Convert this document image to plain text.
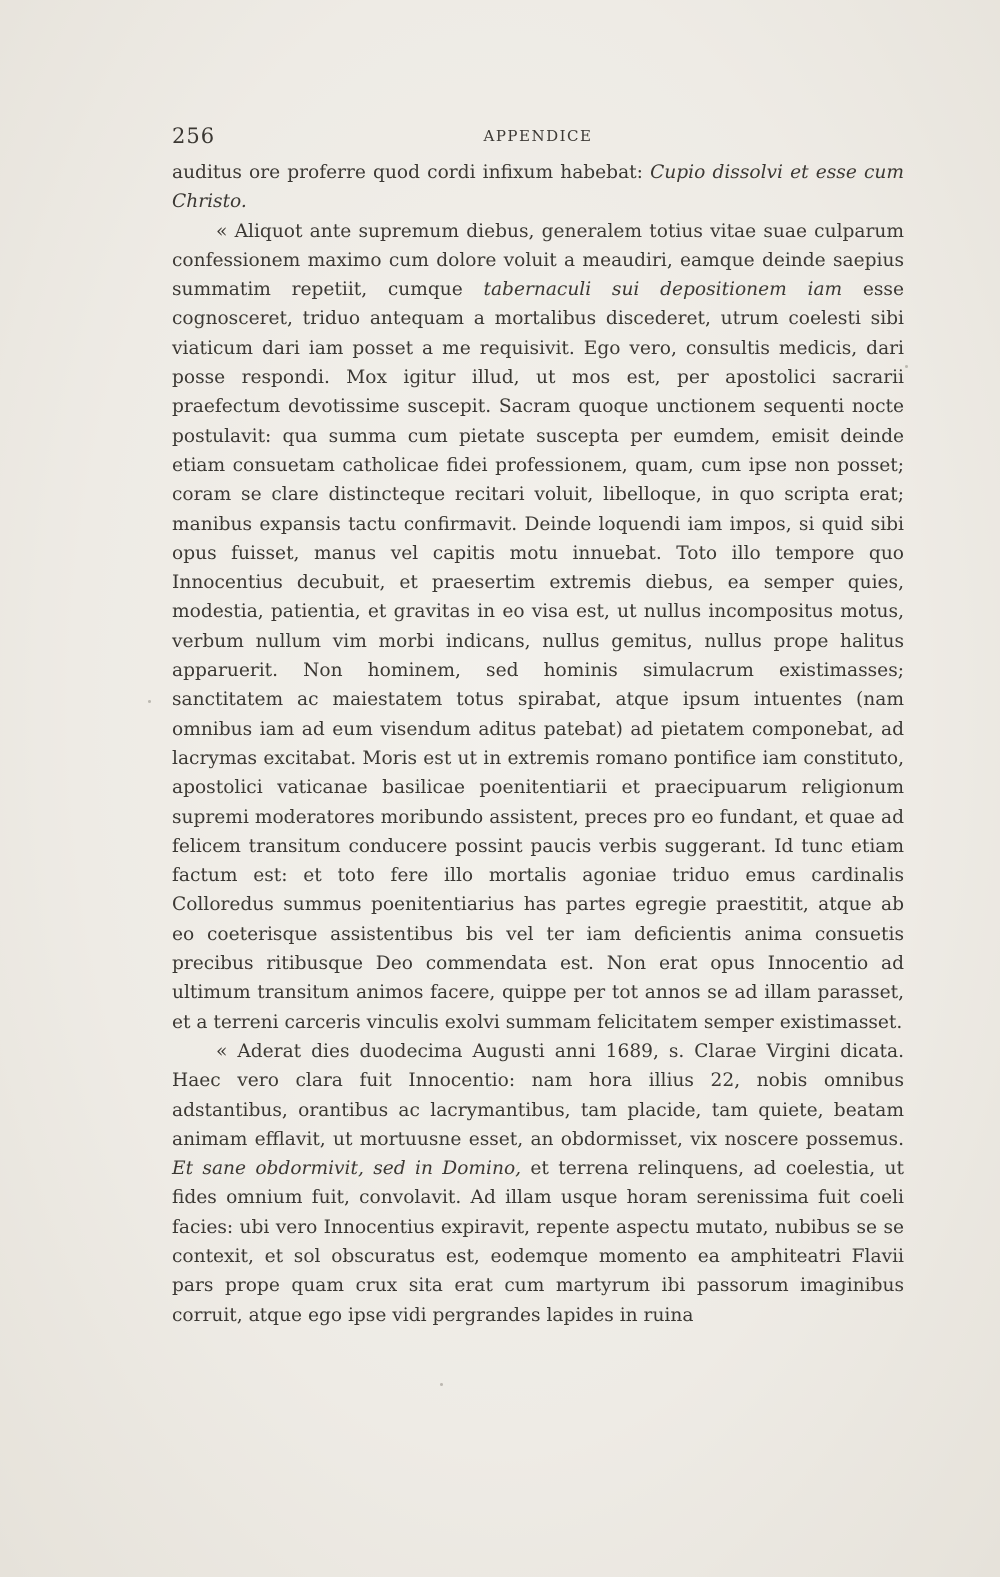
256	APPENDICE

auditus ore proferre quod cordi infixum habebat: Cupio dissolvi et esse cum Christo.

« Aliquot ante supremum diebus, generalem totius vitae suae culparum confessionem maximo cum dolore voluit a meaudiri, eamque deinde saepius summatim repetiit, cumque tabernaculi sui depositionem iam esse cognosceret, triduo antequam a mortalibus discederet, utrum coelesti sibi viaticum dari iam posset a me requisivit. Ego vero, consultis medicis, dari posse respondi. Mox igitur illud, ut mos est, per apostolici sacrarii praefectum devotissime suscepit. Sacram quoque unctionem sequenti nocte postulavit: qua summa cum pietate suscepta per eumdem, emisit deinde etiam consuetam catholicae fidei professionem, quam, cum ipse non posset; coram se clare distincteque recitari voluit, libelloque, in quo scripta erat; manibus expansis tactu confirmavit. Deinde loquendi iam impos, si quid sibi opus fuisset, manus vel capitis motu innuebat. Toto illo tempore quo Innocentius decubuit, et praesertim extremis diebus, ea semper quies, modestia, patientia, et gravitas in eo visa est, ut nullus incompositus motus, verbum nullum vim morbi indicans, nullus gemitus, nullus prope halitus apparuerit. Non hominem, sed hominis simulacrum existimasses; sanctitatem ac maiestatem totus spirabat, atque ipsum intuentes (nam omnibus iam ad eum visendum aditus patebat) ad pietatem componebat, ad lacrymas excitabat. Moris est ut in extremis romano pontifice iam constituto, apostolici vaticanae basilicae poenitentiarii et praecipuarum religionum supremi moderatores moribundo assistent, preces pro eo fundant, et quae ad felicem transitum conducere possint paucis verbis suggerant. Id tunc etiam factum est: et toto fere illo mortalis agoniae triduo emus cardinalis Colloredus summus poenitentiarius has partes egregie praestitit, atque ab eo coeterisque assistentibus bis vel ter iam deficientis anima consuetis precibus ritibusque Deo commendata est. Non erat opus Innocentio ad ultimum transitum animos facere, quippe per tot annos se ad illam parasset, et a terreni carceris vinculis exolvi summam felicitatem semper existimasset.

« Aderat dies duodecima Augusti anni 1689, s. Clarae Virgini dicata. Haec vero clara fuit Innocentio: nam hora illius 22, nobis omnibus adstantibus, orantibus ac lacrymantibus, tam placide, tam quiete, beatam animam efflavit, ut mortuusne esset, an obdormisset, vix noscere possemus. Et sane obdormivit, sed in Domino, et terrena relinquens, ad coelestia, ut fides omnium fuit, convolavit. Ad illam usque horam serenissima fuit coeli facies: ubi vero Innocentius expiravit, repente aspectu mutato, nubibus se se contexit, et sol obscuratus est, eodemque momento ea amphiteatri Flavii pars prope quam crux sita erat cum martyrum ibi passorum imaginibus corruit, atque ego ipse vidi pergrandes lapides in ruina
